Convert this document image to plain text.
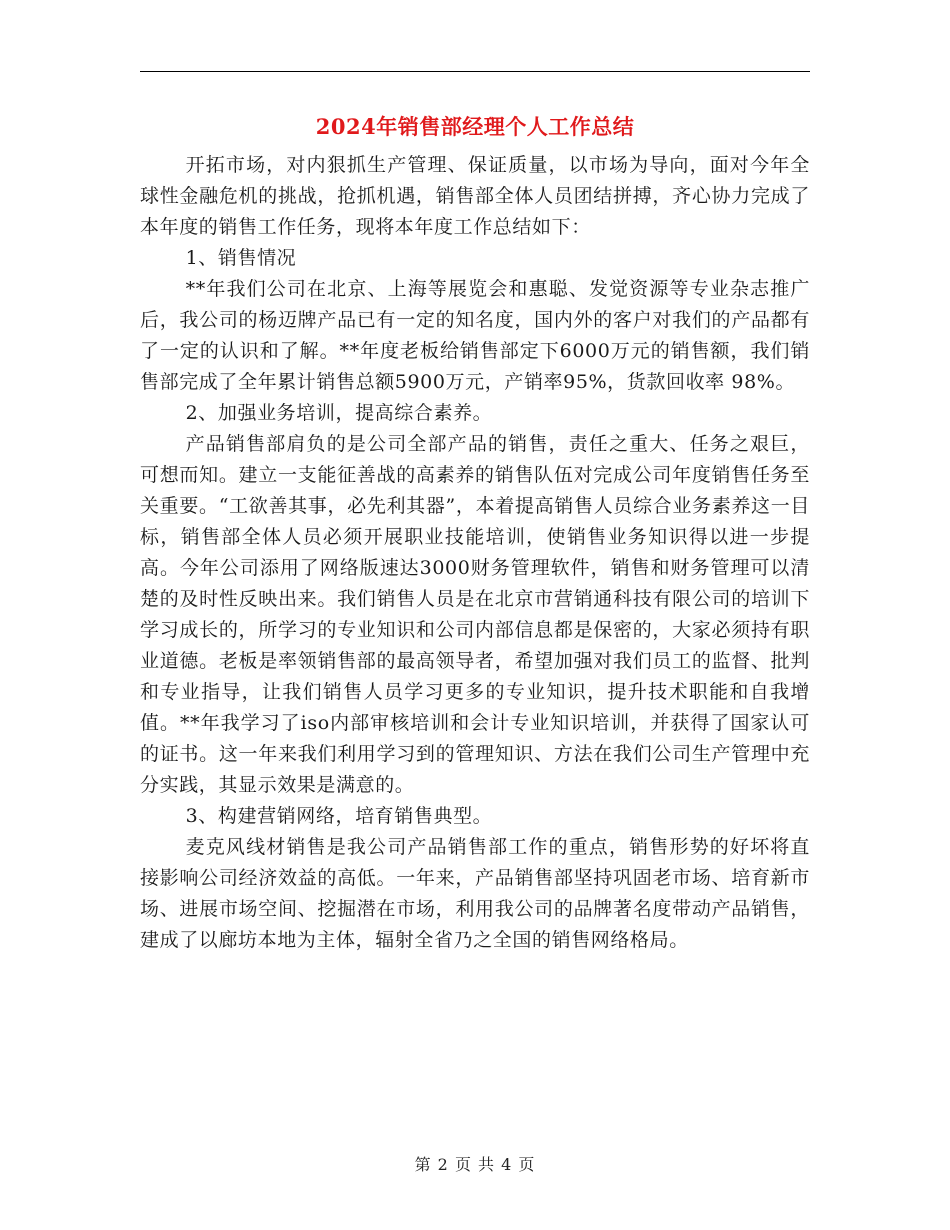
2024年销售部经理个人工作总结

开拓市场，对内狠抓生产管理、保证质量，以市场为导向，面对今年全球性金融危机的挑战，抢抓机遇，销售部全体人员团结拼搏，齐心协力完成了本年度的销售工作任务，现将本年度工作总结如下：

1、销售情况

**年我们公司在北京、上海等展览会和惠聪、发觉资源等专业杂志推广后，我公司的杨迈牌产品已有一定的知名度，国内外的客户对我们的产品都有了一定的认识和了解。**年度老板给销售部定下6000万元的销售额，我们销售部完成了全年累计销售总额5900万元，产销率95%，货款回收率 98%。

2、加强业务培训，提高综合素养。

产品销售部肩负的是公司全部产品的销售，责任之重大、任务之艰巨，可想而知。建立一支能征善战的高素养的销售队伍对完成公司年度销售任务至关重要。“工欲善其事，必先利其器”，本着提高销售人员综合业务素养这一目标，销售部全体人员必须开展职业技能培训，使销售业务知识得以进一步提高。今年公司添用了网络版速达3000财务管理软件，销售和财务管理可以清楚的及时性反映出来。我们销售人员是在北京市营销通科技有限公司的培训下学习成长的，所学习的专业知识和公司内部信息都是保密的，大家必须持有职业道德。老板是率领销售部的最高领导者，希望加强对我们员工的监督、批判和专业指导，让我们销售人员学习更多的专业知识，提升技术职能和自我增值。**年我学习了iso内部审核培训和会计专业知识培训，并获得了国家认可的证书。这一年来我们利用学习到的管理知识、方法在我们公司生产管理中充分实践，其显示效果是满意的。

3、构建营销网络，培育销售典型。

麦克风线材销售是我公司产品销售部工作的重点，销售形势的好坏将直接影响公司经济效益的高低。一年来，产品销售部坚持巩固老市场、培育新市场、进展市场空间、挖掘潜在市场，利用我公司的品牌著名度带动产品销售，建成了以廊坊本地为主体，辐射全省乃之全国的销售网络格局。

第 2 页 共 4 页
